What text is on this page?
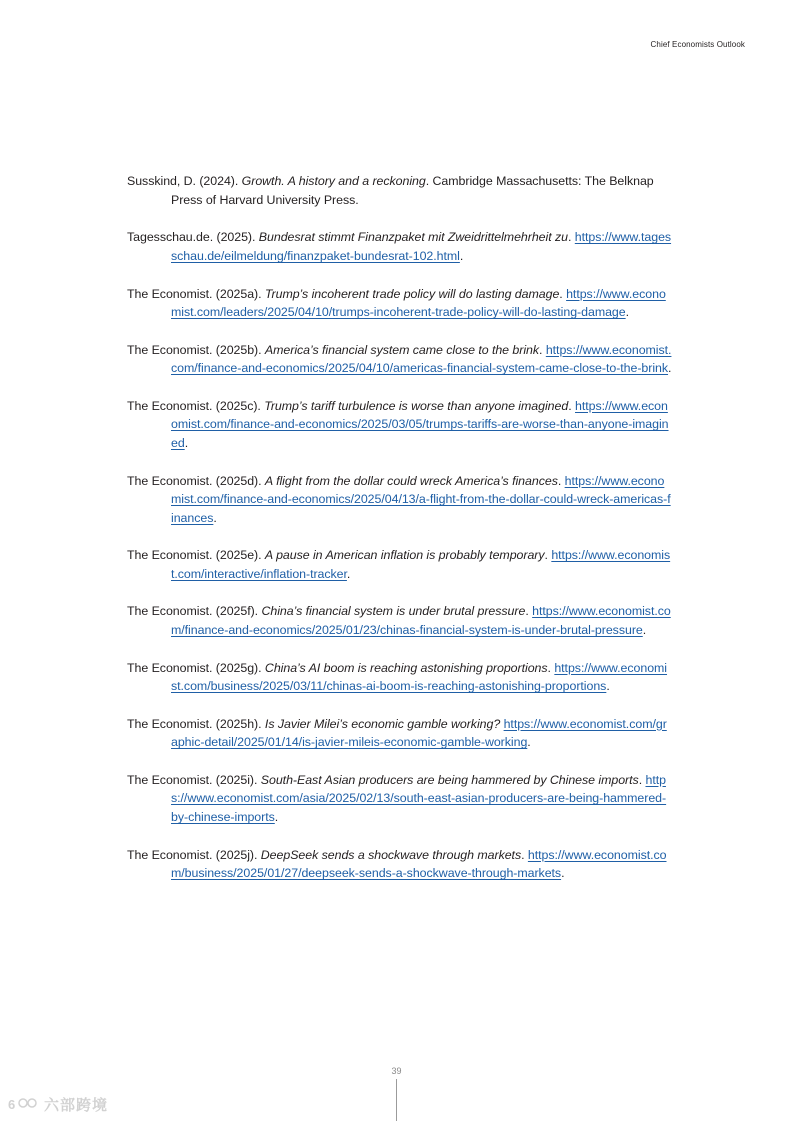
Chief Economists Outlook

Susskind, D. (2024). Growth. A history and a reckoning. Cambridge Massachusetts: The Belknap Press of Harvard University Press.

Tagesschau.de. (2025). Bundesrat stimmt Finanzpaket mit Zweidrittelmehrheit zu. https://www.tagesschau.de/eilmeldung/finanzpaket-bundesrat-102.html.

The Economist. (2025a). Trump’s incoherent trade policy will do lasting damage. https://www.economist.com/leaders/2025/04/10/trumps-incoherent-trade-policy-will-do-lasting-damage.

The Economist. (2025b). America’s financial system came close to the brink. https://www.economist.com/finance-and-economics/2025/04/10/americas-financial-system-came-close-to-the-brink.

The Economist. (2025c). Trump’s tariff turbulence is worse than anyone imagined. https://www.economist.com/finance-and-economics/2025/03/05/trumps-tariffs-are-worse-than-anyone-imagined.

The Economist. (2025d). A flight from the dollar could wreck America’s finances. https://www.economist.com/finance-and-economics/2025/04/13/a-flight-from-the-dollar-could-wreck-americas-finances.

The Economist. (2025e). A pause in American inflation is probably temporary. https://www.economist.com/interactive/inflation-tracker.

The Economist. (2025f). China’s financial system is under brutal pressure. https://www.economist.com/finance-and-economics/2025/01/23/chinas-financial-system-is-under-brutal-pressure.

The Economist. (2025g). China’s AI boom is reaching astonishing proportions. https://www.economist.com/business/2025/03/11/chinas-ai-boom-is-reaching-astonishing-proportions.

The Economist. (2025h). Is Javier Milei’s economic gamble working? https://www.economist.com/graphic-detail/2025/01/14/is-javier-mileis-economic-gamble-working.

The Economist. (2025i). South-East Asian producers are being hammered by Chinese imports. https://www.economist.com/asia/2025/02/13/south-east-asian-producers-are-being-hammered-by-chinese-imports.

The Economist. (2025j). DeepSeek sends a shockwave through markets. https://www.economist.com/business/2025/01/27/deepseek-sends-a-shockwave-through-markets.

39
6 六部跨境
